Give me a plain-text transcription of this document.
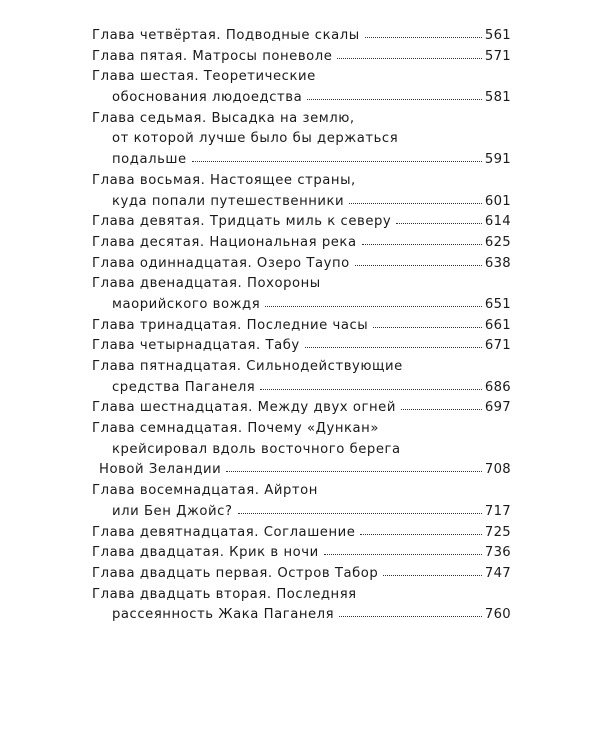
Глава четвёртая. Подводные скалы	561
Глава пятая. Матросы поневоле	571
Глава шестая. Теоретические
обоснования людоедства	581
Глава седьмая. Высадка на землю,
от которой лучше было бы держаться
подальше	591
Глава восьмая. Настоящее страны,
куда попали путешественники	601
Глава девятая. Тридцать миль к северу	614
Глава десятая. Национальная река	625
Глава одиннадцатая. Озеро Таупо	638
Глава двенадцатая. Похороны
маорийского вождя	651
Глава тринадцатая. Последние часы	661
Глава четырнадцатая. Табу	671
Глава пятнадцатая. Сильнодействующие
средства Паганеля	686
Глава шестнадцатая. Между двух огней	697
Глава семнадцатая. Почему «Дункан»
крейсировал вдоль восточного берега
Новой Зеландии	708
Глава восемнадцатая. Айртон
или Бен Джойс?	717
Глава девятнадцатая. Соглашение	725
Глава двадцатая. Крик в ночи	736
Глава двадцать первая. Остров Табор	747
Глава двадцать вторая. Последняя
рассеянность Жака Паганеля	760
